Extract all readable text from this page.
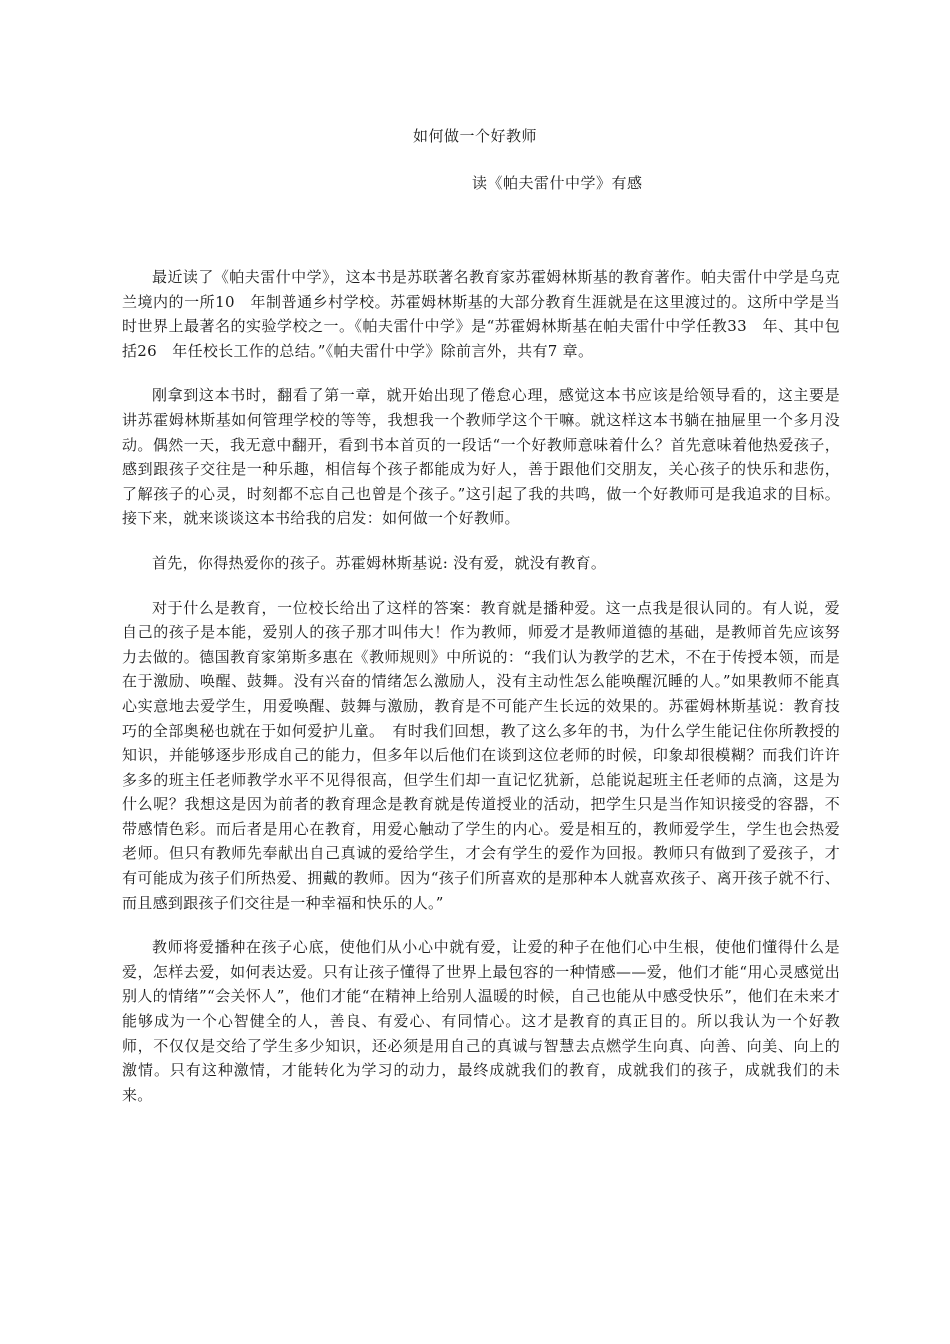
如何做一个好教师
读《帕夫雷什中学》有感

最近读了《帕夫雷什中学》，这本书是苏联著名教育家苏霍姆林斯基的教育著作。帕夫雷什中学是乌克兰境内的一所10　年制普通乡村学校。苏霍姆林斯基的大部分教育生涯就是在这里渡过的。这所中学是当时世界上最著名的实验学校之一。《帕夫雷什中学》是“苏霍姆林斯基在帕夫雷什中学任教33　年、其中包括26　年任校长工作的总结。”《帕夫雷什中学》除前言外，共有7 章。

刚拿到这本书时，翻看了第一章，就开始出现了倦怠心理，感觉这本书应该是给领导看的，这主要是讲苏霍姆林斯基如何管理学校的等等，我想我一个教师学这个干嘛。就这样这本书躺在抽屉里一个多月没动。偶然一天，我无意中翻开，看到书本首页的一段话“一个好教师意味着什么？首先意味着他热爱孩子，感到跟孩子交往是一种乐趣，相信每个孩子都能成为好人，善于跟他们交朋友，关心孩子的快乐和悲伤，了解孩子的心灵，时刻都不忘自己也曾是个孩子。”这引起了我的共鸣，做一个好教师可是我追求的目标。接下来，就来谈谈这本书给我的启发：如何做一个好教师。

首先，你得热爱你的孩子。苏霍姆林斯基说: 没有爱，就没有教育。

对于什么是教育，一位校长给出了这样的答案：教育就是播种爱。这一点我是很认同的。有人说，爱自己的孩子是本能，爱别人的孩子那才叫伟大！作为教师，师爱才是教师道德的基础，是教师首先应该努力去做的。德国教育家第斯多惠在《教师规则》中所说的：“我们认为教学的艺术，不在于传授本领，而是在于激励、唤醒、鼓舞。没有兴奋的情绪怎么激励人，没有主动性怎么能唤醒沉睡的人。”如果教师不能真心实意地去爱学生，用爱唤醒、鼓舞与激励，教育是不可能产生长远的效果的。苏霍姆林斯基说：教育技巧的全部奥秘也就在于如何爱护儿童。　有时我们回想，教了这么多年的书，为什么学生能记住你所教授的知识，并能够逐步形成自己的能力，但多年以后他们在谈到这位老师的时候，印象却很模糊？而我们许许多多的班主任老师教学水平不见得很高，但学生们却一直记忆犹新，总能说起班主任老师的点滴，这是为什么呢？我想这是因为前者的教育理念是教育就是传道授业的活动，把学生只是当作知识接受的容器，不带感情色彩。而后者是用心在教育，用爱心触动了学生的内心。爱是相互的，教师爱学生，学生也会热爱老师。但只有教师先奉献出自己真诚的爱给学生，才会有学生的爱作为回报。教师只有做到了爱孩子，才有可能成为孩子们所热爱、拥戴的教师。因为“孩子们所喜欢的是那种本人就喜欢孩子、离开孩子就不行、而且感到跟孩子们交往是一种幸福和快乐的人。”

教师将爱播种在孩子心底，使他们从小心中就有爱，让爱的种子在他们心中生根，使他们懂得什么是爱，怎样去爱，如何表达爱。只有让孩子懂得了世界上最包容的一种情感——爱，他们才能“用心灵感觉出别人的情绪”“会关怀人”，他们才能“在精神上给别人温暖的时候，自己也能从中感受快乐”，他们在未来才能够成为一个心智健全的人，善良、有爱心、有同情心。这才是教育的真正目的。所以我认为一个好教师，不仅仅是交给了学生多少知识，还必须是用自己的真诚与智慧去点燃学生向真、向善、向美、向上的激情。只有这种激情，才能转化为学习的动力，最终成就我们的教育，成就我们的孩子，成就我们的未来。
